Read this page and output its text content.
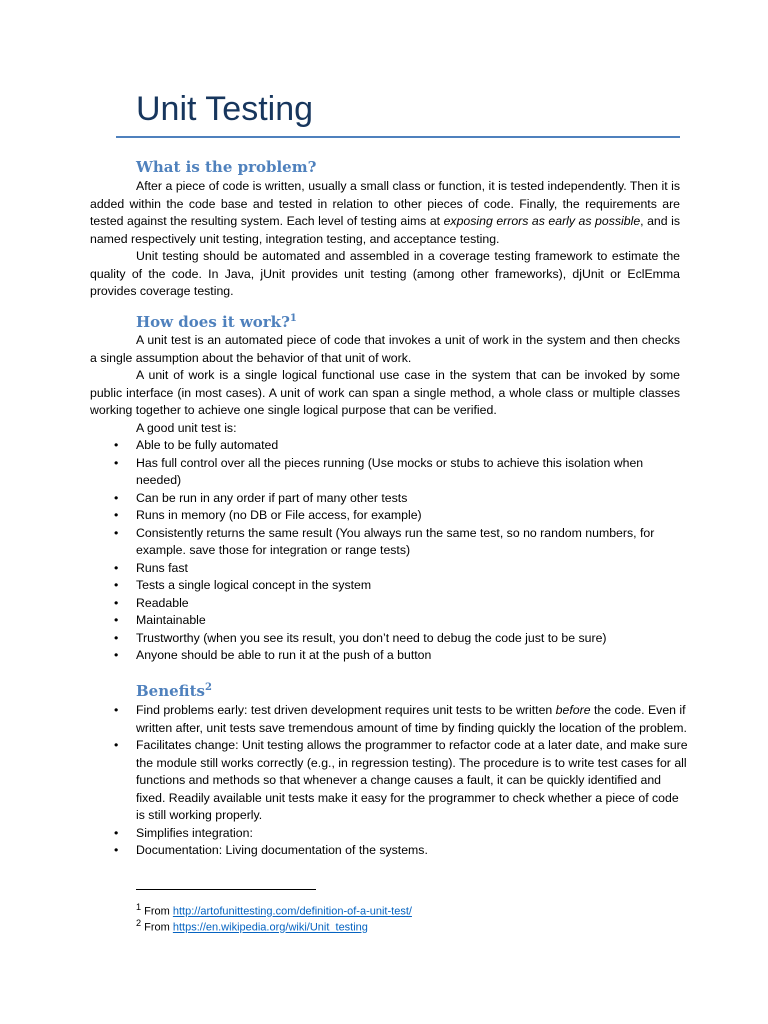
Unit Testing
What is the problem?
After a piece of code is written, usually a small class or function, it is tested independently. Then it is added within the code base and tested in relation to other pieces of code. Finally, the requirements are tested against the resulting system. Each level of testing aims at exposing errors as early as possible, and is named respectively unit testing, integration testing, and acceptance testing.
Unit testing should be automated and assembled in a coverage testing framework to estimate the quality of the code. In Java, jUnit provides unit testing (among other frameworks), djUnit or EclEmma provides coverage testing.
How does it work?$^1$
A unit test is an automated piece of code that invokes a unit of work in the system and then checks a single assumption about the behavior of that unit of work.
A unit of work is a single logical functional use case in the system that can be invoked by some public interface (in most cases). A unit of work can span a single method, a whole class or multiple classes working together to achieve one single logical purpose that can be verified.
A good unit test is:
• Able to be fully automated
• Has full control over all the pieces running (Use mocks or stubs to achieve this isolation when needed)
• Can be run in any order if part of many other tests
• Runs in memory (no DB or File access, for example)
• Consistently returns the same result (You always run the same test, so no random numbers, for example. save those for integration or range tests)
• Runs fast
• Tests a single logical concept in the system
• Readable
• Maintainable
• Trustworthy (when you see its result, you don’t need to debug the code just to be sure)
• Anyone should be able to run it at the push of a button
Benefits$^2$
• Find problems early: test driven development requires unit tests to be written before the code. Even if written after, unit tests save tremendous amount of time by finding quickly the location of the problem.
• Facilitates change: Unit testing allows the programmer to refactor code at a later date, and make sure the module still works correctly (e.g., in regression testing). The procedure is to write test cases for all functions and methods so that whenever a change causes a fault, it can be quickly identified and fixed. Readily available unit tests make it easy for the programmer to check whether a piece of code is still working properly.
• Simplifies integration:
• Documentation: Living documentation of the systems.
$^1$ From http://artofunittesting.com/definition-of-a-unit-test/
$^2$ From https://en.wikipedia.org/wiki/Unit_testing
